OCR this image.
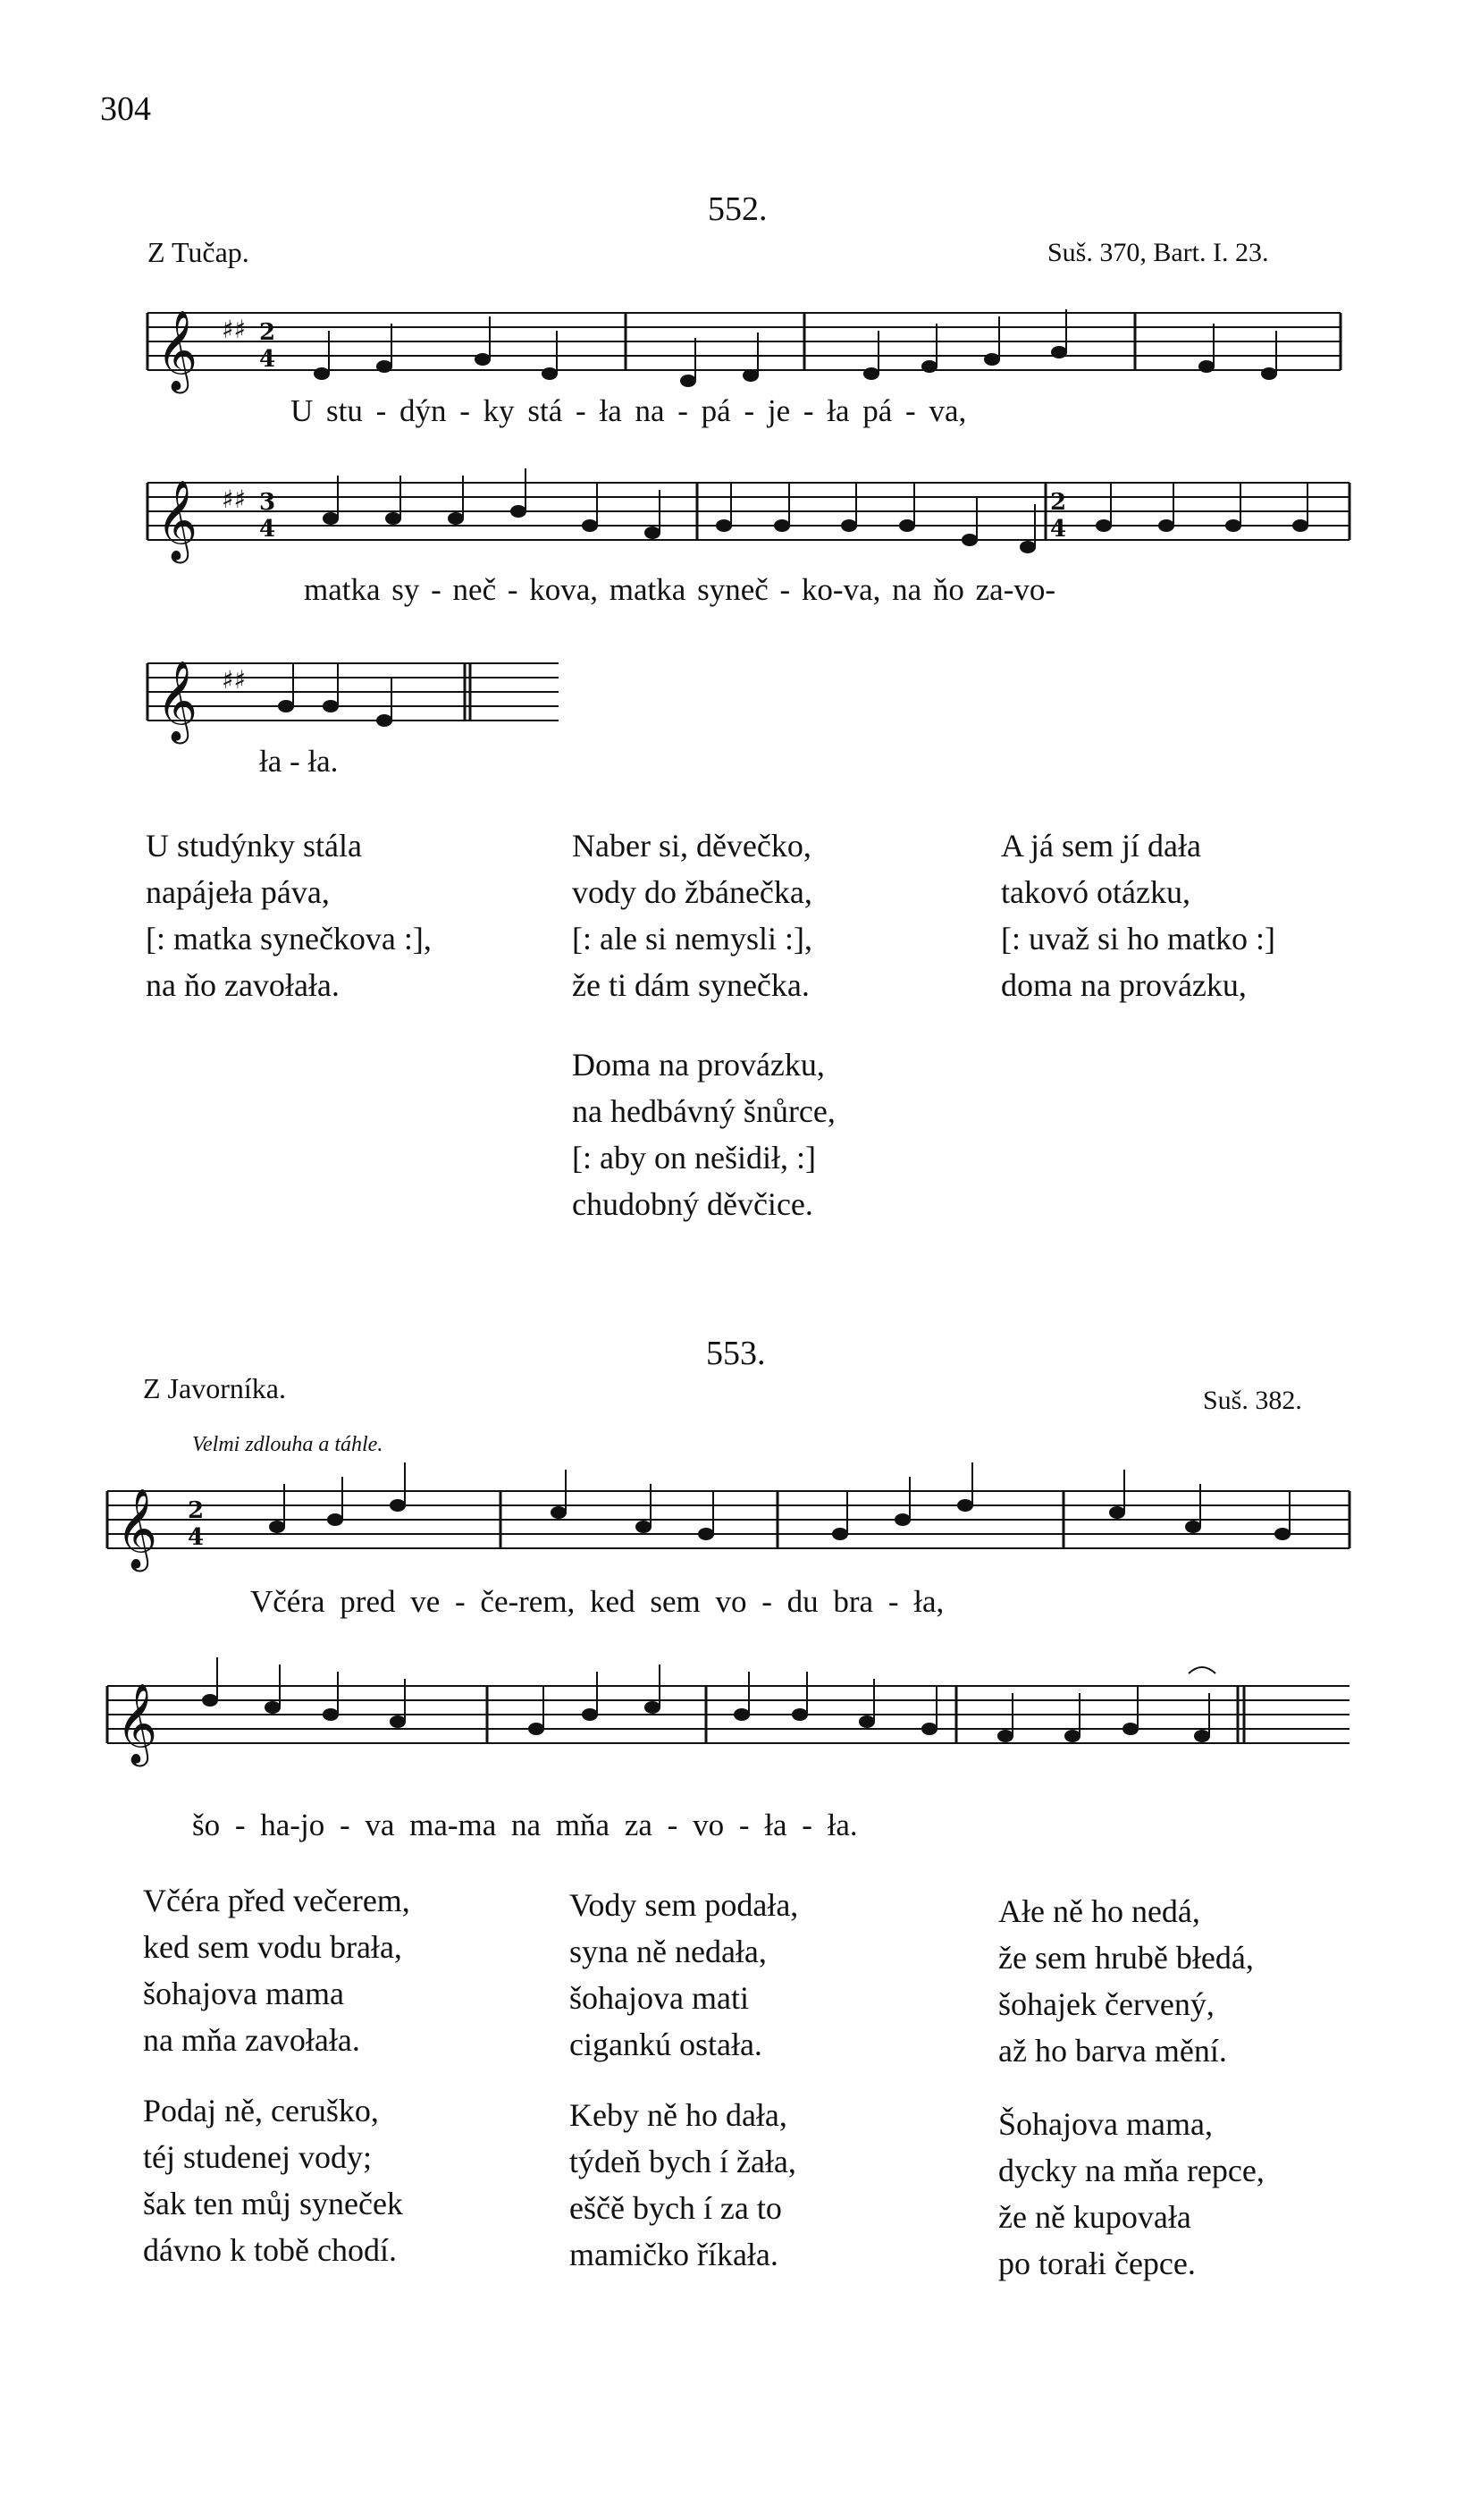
304
552.
Z Tučap.	Suš. 370, Bart. I. 23.
𝄞 ♯♯ 2
4
𝄞 ♯♯ 3
4
2
4
𝄞 ♯♯
𝄞 2
4
𝄞
U stu - dýn - ky stá - ła na - pá - je - ła pá - va,
matka sy - neč - kova, matka syneč - ko-va, na ňo za-vo-
ła - ła.
U studýnky stála
napájeła páva,
[: matka synečkova :],
na ňo zavołała.
Naber si, děvečko,
vody do žbánečka,
[: ale si nemysli :],
že ti dám synečka.
A já sem jí dała
takovó otázku,
[: uvaž si ho matko :]
doma na provázku,
Doma na provázku,
na hedbávný šnůrce,
[: aby on nešidił, :]
chudobný děvčice.
553.
Z Javorníka.	Suš. 382.
Velmi zdlouha a táhle.
Včéra pred ve - če-rem, ked sem vo - du bra - ła,
šo - ha-jo - va ma-ma na mňa za - vo - ła - ła.
Včéra před večerem,
ked sem vodu brała,
šohajova mama
na mňa zavołała.
Vody sem podała,
syna ně nedała,
šohajova mati
cigankú ostała.
Ałe ně ho nedá,
že sem hrubě błedá,
šohajek červený,
až ho barva mění.
Podaj ně, ceruško,
téj studenej vody;
šak ten můj syneček
dávno k tobě chodí.
Keby ně ho dała,
týdeň bych í žała,
eščě bych í za to
mamičko říkała.
Šohajova mama,
dycky na mňa repce,
že ně kupovała
po torałi čepce.
